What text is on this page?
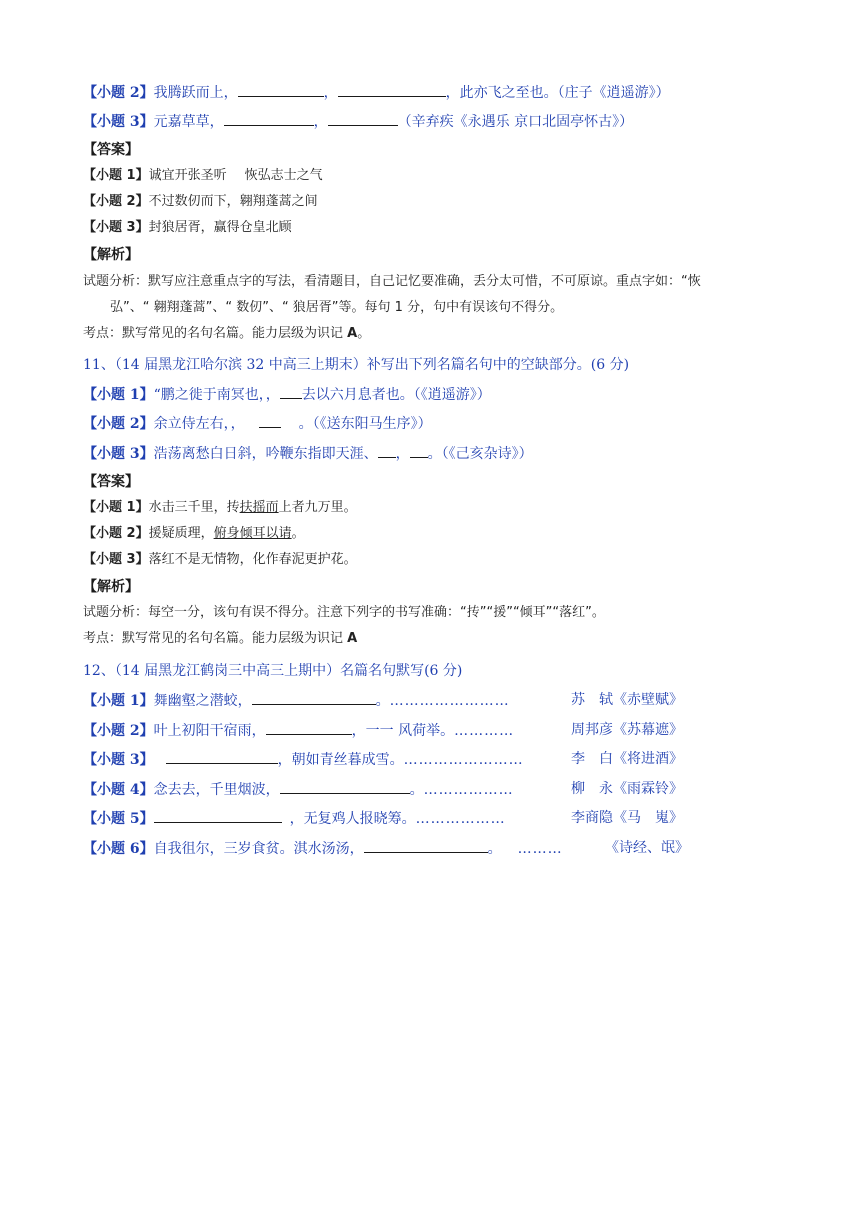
【小题 2】我腾跃而上，	，	，此亦飞之至也。（庄子《逍遥游》）
【小题 3】元嘉草草，	，	（辛弃疾《永遇乐 京口北固亭怀古》）
【答案】
【小题 1】诚宜开张圣听 恢弘志士之气
【小题 2】不过数仞而下，翱翔蓬蒿之间
【小题 3】封狼居胥，赢得仓皇北顾
【解析】
试题分析：默写应注意重点字的写法，看清题目，自己记忆要准确，丢分太可惜，不可原谅。重点字如：“恢
弘”、“ 翱翔蓬蒿”、“ 数仞”、“ 狼居胥”等。每句 1 分，句中有误该句不得分。
考点：默写常见的名句名篇。能力层级为识记 A。
11、（14 届黑龙江哈尔滨 32 中高三上期末）补写出下列名篇名句中的空缺部分。(6 分)
【小题 1】“鹏之徙于南冥也，， 去以六月息者也。（《逍遥游》）
【小题 2】余立侍左右，，	。（《送东阳马生序》）
【小题 3】浩荡离愁白日斜，吟鞭东指即天涯、 ， 。（《己亥杂诗》）
【答案】
【小题 1】水击三千里，抟扶摇而上者九万里。
【小题 2】援疑质理，俯身倾耳以请。
【小题 3】落红不是无情物，化作春泥更护花。
【解析】
试题分析：每空一分，该句有误不得分。注意下列字的书写准确：“抟”“援”“倾耳”“落红”。
考点：默写常见的名句名篇。能力层级为识记 A
12、（14 届黑龙江鹤岗三中高三上期中）名篇名句默写(6 分)
【小题 1】舞幽壑之潜蛟，	。……………………	苏　轼《赤壁赋》
【小题 2】叶上初阳干宿雨，	，一一 风荷举。…………	周邦彦《苏幕遮》
【小题 3】	，朝如青丝暮成雪。……………………	李　白《将进酒》
【小题 4】念去去，千里烟波，	。………………	柳　永《雨霖铃》
【小题 5】	，无复鸡人报晓筹。………………	李商隐《马　嵬》
【小题 6】自我徂尔，三岁食贫。淇水汤汤，	。 ………	《诗经、氓》
